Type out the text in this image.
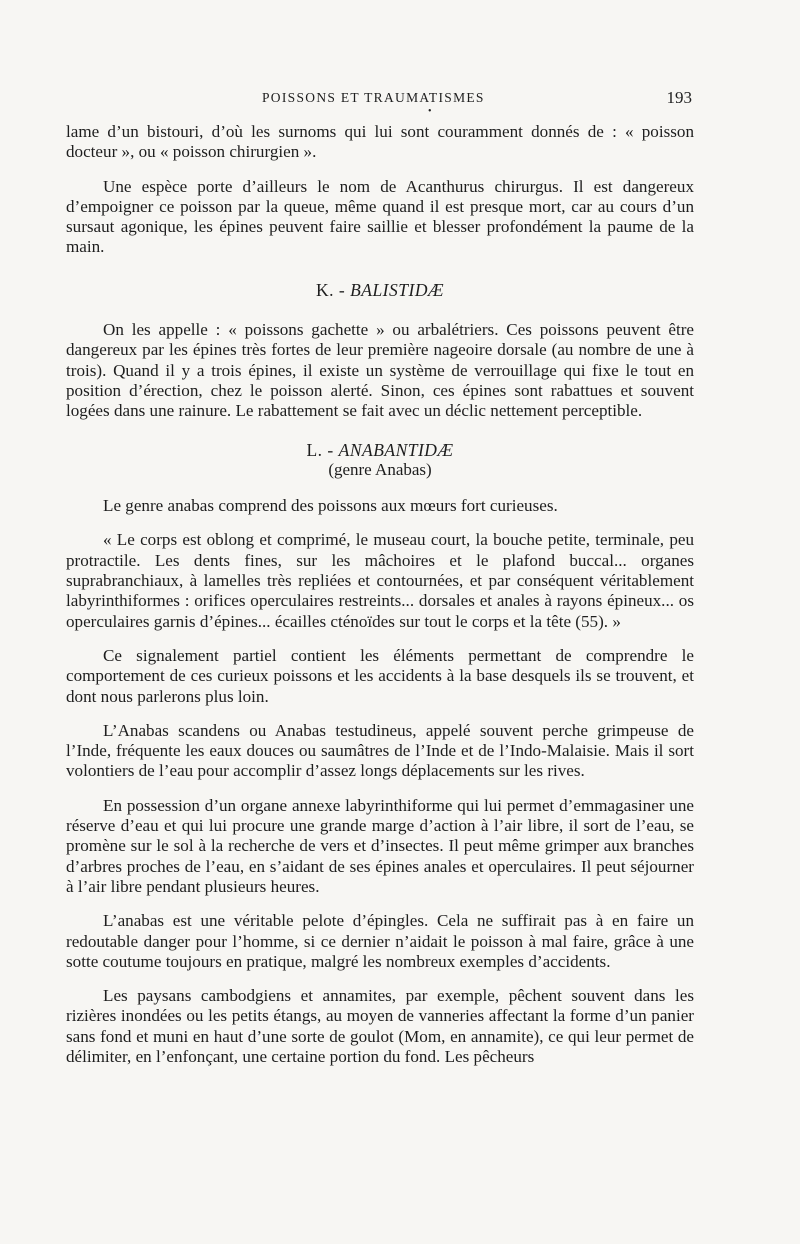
POISSONS ET TRAUMATISMES
•
193

lame d’un bistouri, d’où les surnoms qui lui sont couramment donnés de : « poisson docteur », ou « poisson chirurgien ».

Une espèce porte d’ailleurs le nom de Acanthurus chirurgus. Il est dangereux d’empoigner ce poisson par la queue, même quand il est presque mort, car au cours d’un sursaut agonique, les épines peuvent faire saillie et blesser profondément la paume de la main.

K. - BALISTIDÆ

On les appelle : « poissons gachette » ou arbalétriers. Ces poissons peuvent être dangereux par les épines très fortes de leur première nageoire dorsale (au nombre de une à trois). Quand il y a trois épines, il existe un système de verrouillage qui fixe le tout en position d’érection, chez le poisson alerté. Sinon, ces épines sont rabattues et souvent logées dans une rainure. Le rabattement se fait avec un déclic nettement perceptible.

L. - ANABANTIDÆ
(genre Anabas)

Le genre anabas comprend des poissons aux mœurs fort curieuses.

« Le corps est oblong et comprimé, le museau court, la bouche petite, terminale, peu protractile. Les dents fines, sur les mâchoires et le plafond buccal... organes suprabranchiaux, à lamelles très repliées et contournées, et par conséquent véritablement labyrinthiformes : orifices operculaires restreints... dorsales et anales à rayons épineux... os operculaires garnis d’épines... écailles cténoïdes sur tout le corps et la tête (55). »

Ce signalement partiel contient les éléments permettant de comprendre le comportement de ces curieux poissons et les accidents à la base desquels ils se trouvent, et dont nous parlerons plus loin.

L’Anabas scandens ou Anabas testudineus, appelé souvent perche grimpeuse de l’Inde, fréquente les eaux douces ou saumâtres de l’Inde et de l’Indo-Malaisie. Mais il sort volontiers de l’eau pour accomplir d’assez longs déplacements sur les rives.

En possession d’un organe annexe labyrinthiforme qui lui permet d’emmagasiner une réserve d’eau et qui lui procure une grande marge d’action à l’air libre, il sort de l’eau, se promène sur le sol à la recherche de vers et d’insectes. Il peut même grimper aux branches d’arbres proches de l’eau, en s’aidant de ses épines anales et operculaires. Il peut séjourner à l’air libre pendant plusieurs heures.

L’anabas est une véritable pelote d’épingles. Cela ne suffirait pas à en faire un redoutable danger pour l’homme, si ce dernier n’aidait le poisson à mal faire, grâce à une sotte coutume toujours en pratique, malgré les nombreux exemples d’accidents.

Les paysans cambodgiens et annamites, par exemple, pêchent souvent dans les rizières inondées ou les petits étangs, au moyen de vanneries affectant la forme d’un panier sans fond et muni en haut d’une sorte de goulot (Mom, en annamite), ce qui leur permet de délimiter, en l’enfonçant, une certaine portion du fond. Les pêcheurs
